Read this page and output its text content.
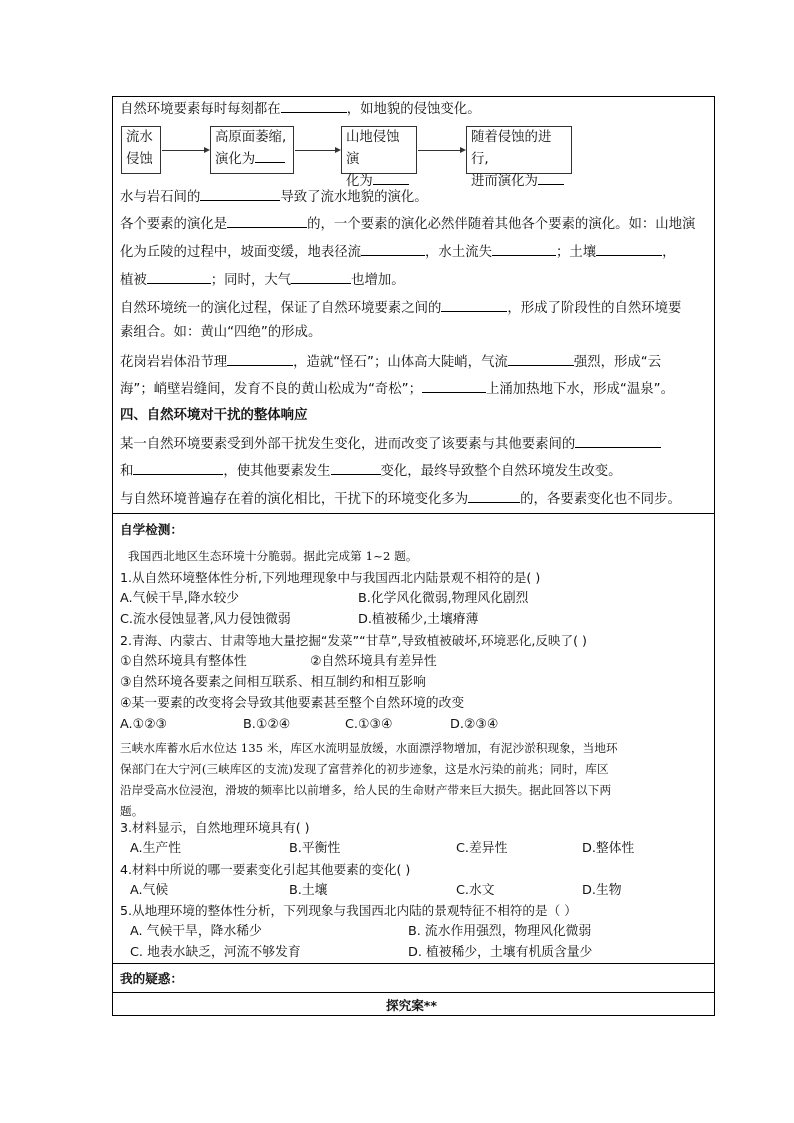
自然环境要素每时每刻都在	，如地貌的侵蚀变化。
流水
侵蚀
高原面萎缩,
演化为
山地侵蚀演
化为
随着侵蚀的进行,
进而演化为
水与岩石间的	导致了流水地貌的演化。
各个要素的演化是	的，一个要素的演化必然伴随着其他各个要素的演化。如：山地演
化为丘陵的过程中，坡面变缓，地表径流	，水土流失	；土壤	，
植被	；同时，大气	也增加。
自然环境统一的演化过程，保证了自然环境要素之间的	，形成了阶段性的自然环境要
素组合。如：黄山“四绝”的形成。
花岗岩岩体沿节理	，造就“怪石”；山体高大陡峭，气流	强烈，形成“云
海”；峭壁岩缝间，发育不良的黄山松成为“奇松”；	上涌加热地下水，形成“温泉”。
四、自然环境对干扰的整体响应
某一自然环境要素受到外部干扰发生变化，进而改变了该要素与其他要素间的
和	，使其他要素发生	变化，最终导致整个自然环境发生改变。
与自然环境普遍存在着的演化相比，干扰下的环境变化多为	的，各要素变化也不同步。
自学检测：
我国西北地区生态环境十分脆弱。据此完成第 1~2 题。
1.从自然环境整体性分析,下列地理现象中与我国西北内陆景观不相符的是( )
A.气候干旱,降水较少	B.化学风化微弱,物理风化剧烈
C.流水侵蚀显著,风力侵蚀微弱	D.植被稀少,土壤瘠薄
2.青海、内蒙古、甘肃等地大量挖掘“发菜”“甘草”,导致植被破坏,环境恶化,反映了( )
①自然环境具有整体性	②自然环境具有差异性
③自然环境各要素之间相互联系、相互制约和相互影响
④某一要素的改变将会导致其他要素甚至整个自然环境的改变
A.①②③	B.①②④	C.①③④	D.②③④
三峡水库蓄水后水位达 135 米，库区水流明显放缓，水面漂浮物增加，有泥沙淤积现象，当地环
保部门在大宁河(三峡库区的支流)发现了富营养化的初步迹象，这是水污染的前兆；同时，库区
沿岸受高水位浸泡，滑坡的频率比以前增多，给人民的生命财产带来巨大损失。据此回答以下两
题。
3.材料显示，自然地理环境具有( )
A.生产性	B.平衡性	C.差异性	D.整体性
4.材料中所说的哪一要素变化引起其他要素的变化( )
A.气候	B.土壤	C.水文	D.生物
5.从地理环境的整体性分析，下列现象与我国西北内陆的景观特征不相符的是（ ）
A. 气候干旱，降水稀少	B. 流水作用强烈，物理风化微弱
C. 地表水缺乏，河流不够发育	D. 植被稀少，土壤有机质含量少
我的疑惑：
探究案**
